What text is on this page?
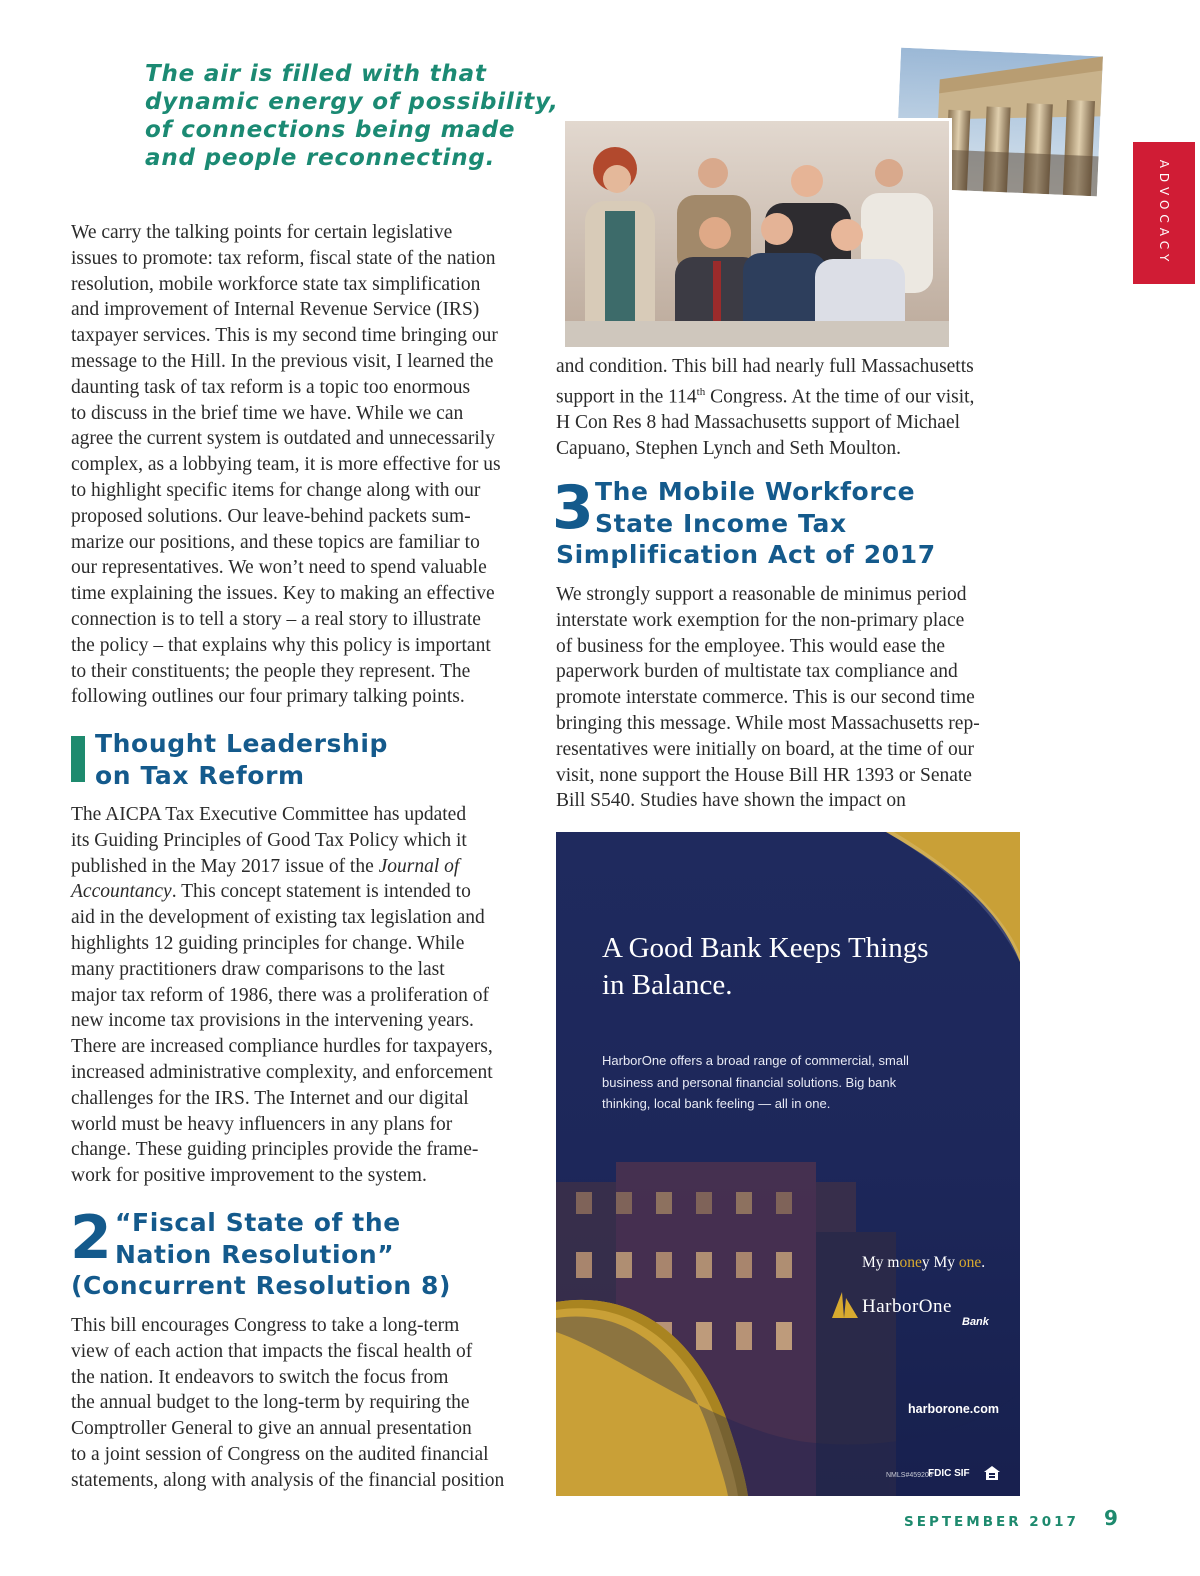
The air is filled with that
dynamic energy of possibility,
of connections being made
and people reconnecting.
We carry the talking points for certain legislative
issues to promote: tax reform, fiscal state of the nation
resolution, mobile workforce state tax simplification
and improvement of Internal Revenue Service (IRS)
taxpayer services. This is my second time bringing our
message to the Hill. In the previous visit, I learned the
daunting task of tax reform is a topic too enormous
to discuss in the brief time we have. While we can
agree the current system is outdated and unnecessarily
complex, as a lobbying team, it is more effective for us
to highlight specific items for change along with our
proposed solutions. Our leave-behind packets sum-
marize our positions, and these topics are familiar to
our representatives. We won’t need to spend valuable
time explaining the issues. Key to making an effective
connection is to tell a story – a real story to illustrate
the policy – that explains why this policy is important
to their constituents; the people they represent. The
following outlines our four primary talking points.
Thought Leadership
on Tax Reform
The AICPA Tax Executive Committee has updated
its Guiding Principles of Good Tax Policy which it
published in the May 2017 issue of the Journal of
Accountancy. This concept statement is intended to
aid in the development of existing tax legislation and
highlights 12 guiding principles for change. While
many practitioners draw comparisons to the last
major tax reform of 1986, there was a proliferation of
new income tax provisions in the intervening years.
There are increased compliance hurdles for taxpayers,
increased administrative complexity, and enforcement
challenges for the IRS. The Internet and our digital
world must be heavy influencers in any plans for
change. These guiding principles provide the frame-
work for positive improvement to the system.
2 “Fiscal State of the
Nation Resolution”
(Concurrent Resolution 8)
This bill encourages Congress to take a long-term
view of each action that impacts the fiscal health of
the nation. It endeavors to switch the focus from
the annual budget to the long-term by requiring the
Comptroller General to give an annual presentation
to a joint session of Congress on the audited financial
statements, along with analysis of the financial position
and condition. This bill had nearly full Massachusetts
support in the 114th Congress. At the time of our visit,
H Con Res 8 had Massachusetts support of Michael
Capuano, Stephen Lynch and Seth Moulton.
3 The Mobile Workforce
State Income Tax
Simplification Act of 2017
We strongly support a reasonable de minimus period
interstate work exemption for the non-primary place
of business for the employee. This would ease the
paperwork burden of multistate tax compliance and
promote interstate commerce. This is our second time
bringing this message. While most Massachusetts rep-
resentatives were initially on board, at the time of our
visit, none support the House Bill HR 1393 or Senate
Bill S540. Studies have shown the impact on
ADVOCACY
A Good Bank Keeps Things
in Balance.
HarborOne offers a broad range of commercial, small
business and personal financial solutions. Big bank
thinking, local bank feeling — all in one.
My money My one.
HarborOne
Bank
harborone.com
NMLS#459205
FDIC SIF
SEPTEMBER 2017 9
